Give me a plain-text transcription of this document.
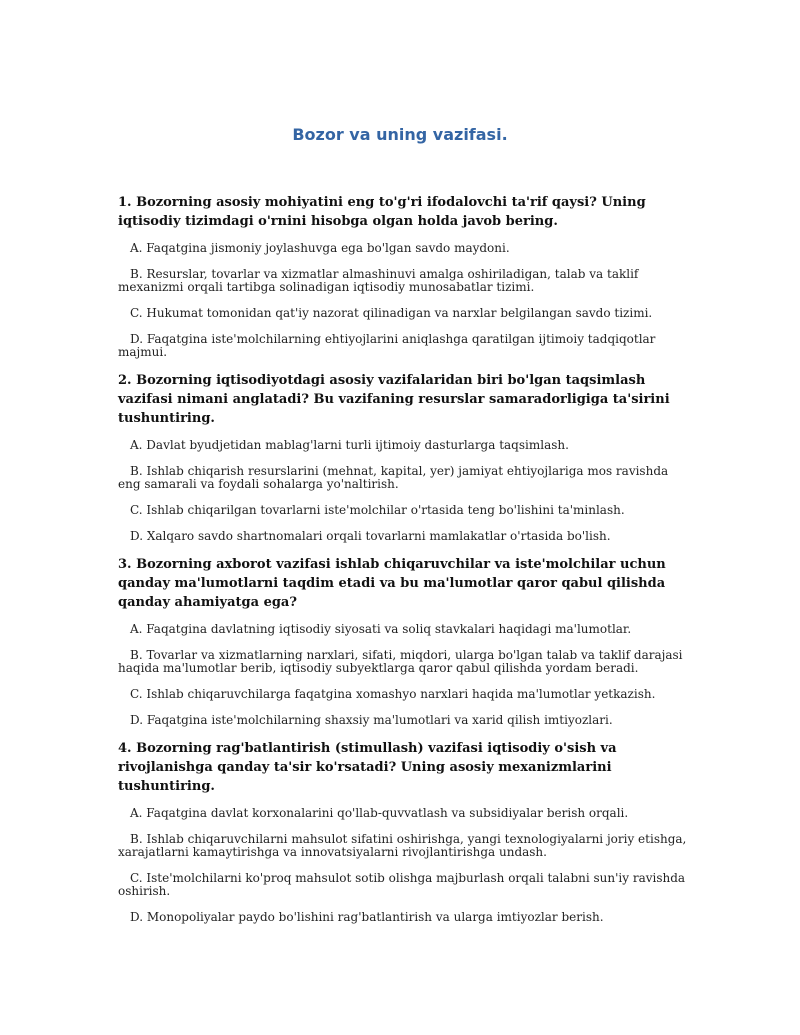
Bozor va uning vazifasi.

1. Bozorning asosiy mohiyatini eng to'g'ri ifodalovchi ta'rif qaysi? Uning iqtisodiy tizimdagi o'rnini hisobga olgan holda javob bering.

A. Faqatgina jismoniy joylashuvga ega bo'lgan savdo maydoni.

B. Resurslar, tovarlar va xizmatlar almashinuvi amalga oshiriladigan, talab va taklif mexanizmi orqali tartibga solinadigan iqtisodiy munosabatlar tizimi.

C. Hukumat tomonidan qat'iy nazorat qilinadigan va narxlar belgilangan savdo tizimi.

D. Faqatgina iste'molchilarning ehtiyojlarini aniqlashga qaratilgan ijtimoiy tadqiqotlar majmui.

2. Bozorning iqtisodiyotdagi asosiy vazifalaridan biri bo'lgan taqsimlash vazifasi nimani anglatadi? Bu vazifaning resurslar samaradorligiga ta'sirini tushuntiring.

A. Davlat byudjetidan mablag'larni turli ijtimoiy dasturlarga taqsimlash.

B. Ishlab chiqarish resurslarini (mehnat, kapital, yer) jamiyat ehtiyojlariga mos ravishda eng samarali va foydali sohalarga yo'naltirish.

C. Ishlab chiqarilgan tovarlarni iste'molchilar o'rtasida teng bo'lishini ta'minlash.

D. Xalqaro savdo shartnomalari orqali tovarlarni mamlakatlar o'rtasida bo'lish.

3. Bozorning axborot vazifasi ishlab chiqaruvchilar va iste'molchilar uchun qanday ma'lumotlarni taqdim etadi va bu ma'lumotlar qaror qabul qilishda qanday ahamiyatga ega?

A. Faqatgina davlatning iqtisodiy siyosati va soliq stavkalari haqidagi ma'lumotlar.

B. Tovarlar va xizmatlarning narxlari, sifati, miqdori, ularga bo'lgan talab va taklif darajasi haqida ma'lumotlar berib, iqtisodiy subyektlarga qaror qabul qilishda yordam beradi.

C. Ishlab chiqaruvchilarga faqatgina xomashyo narxlari haqida ma'lumotlar yetkazish.

D. Faqatgina iste'molchilarning shaxsiy ma'lumotlari va xarid qilish imtiyozlari.

4. Bozorning rag'batlantirish (stimullash) vazifasi iqtisodiy o'sish va rivojlanishga qanday ta'sir ko'rsatadi? Uning asosiy mexanizmlarini tushuntiring.

A. Faqatgina davlat korxonalarini qo'llab-quvvatlash va subsidiyalar berish orqali.

B. Ishlab chiqaruvchilarni mahsulot sifatini oshirishga, yangi texnologiyalarni joriy etishga, xarajatlarni kamaytirishga va innovatsiyalarni rivojlantirishga undash.

C. Iste'molchilarni ko'proq mahsulot sotib olishga majburlash orqali talabni sun'iy ravishda oshirish.

D. Monopoliyalar paydo bo'lishini rag'batlantirish va ularga imtiyozlar berish.
